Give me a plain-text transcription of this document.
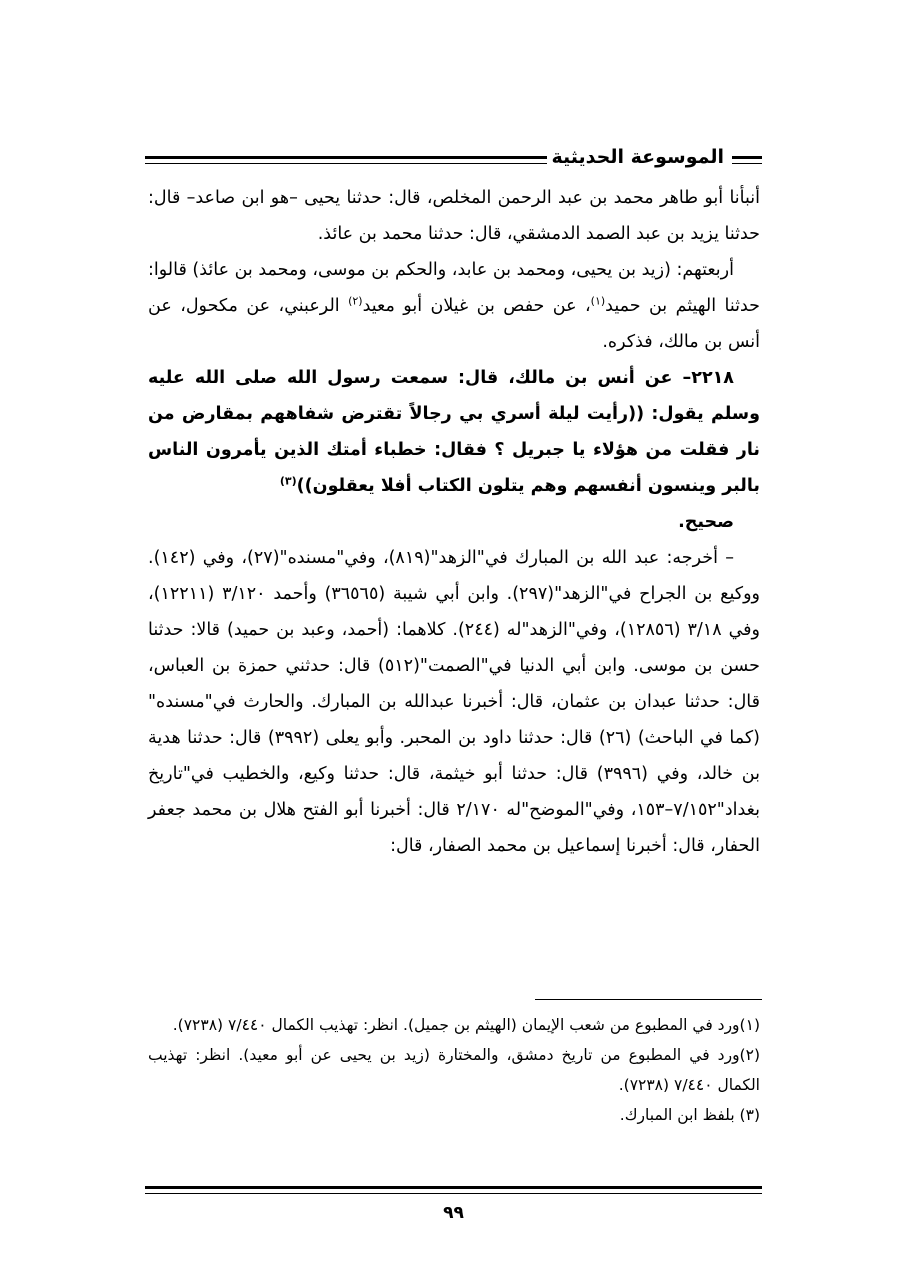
الموسوعة الحديثية

أنبأنا أبو طاهر محمد بن عبد الرحمن المخلص، قال: حدثنا يحيى –هو ابن صاعد– قال: حدثنا يزيد بن عبد الصمد الدمشقي، قال: حدثنا محمد بن عائذ.

أربعتهم: (زيد بن يحيى، ومحمد بن عابد، والحكم بن موسى، ومحمد بن عائذ) قالوا: حدثنا الهيثم بن حميد$^{(١)}$، عن حفص بن غيلان أبو معيد$^{(٢)}$ الرعبني، عن مكحول، عن أنس بن مالك، فذكره.

٢٢١٨– عن أنس بن مالك، قال: سمعت رسول الله صلى الله عليه وسلم يقول: ((رأيت ليلة أسري بي رجالاً تقترض شفاههم بمقارض من نار فقلت من هؤلاء يا جبريل ؟ فقال: خطباء أمتك الذين يأمرون الناس بالبر وينسون أنفسهم وهم يتلون الكتاب أفلا يعقلون))$^{(٣)}$

صحيح.

– أخرجه: عبد الله بن المبارك في"الزهد"(٨١٩)، وفي"مسنده"(٢٧)، وفي (١٤٢). ووكيع بن الجراح في"الزهد"(٢٩٧). وابن أبي شيبة (٣٦٥٦٥) وأحمد ٣/١٢٠ (١٢٢١١)، وفي ٣/١٨ (١٢٨٥٦)، وفي"الزهد"له (٢٤٤). كلاهما: (أحمد، وعبد بن حميد) قالا: حدثنا حسن بن موسى. وابن أبي الدنيا في"الصمت"(٥١٢) قال: حدثني حمزة بن العباس، قال: حدثنا عبدان بن عثمان، قال: أخبرنا عبدالله بن المبارك. والحارث في"مسنده"(كما في الباحث) (٢٦) قال: حدثنا داود بن المحبر. وأبو يعلى (٣٩٩٢) قال: حدثنا هدية بن خالد، وفي (٣٩٩٦) قال: حدثنا أبو خيثمة، قال: حدثنا وكيع، والخطيب في"تاريخ بغداد"٧/١٥٢–١٥٣، وفي"الموضح"له ٢/١٧٠ قال: أخبرنا أبو الفتح هلال بن محمد جعفر الحفار، قال: أخبرنا إسماعيل بن محمد الصفار، قال:

(١)ورد في المطبوع من شعب الإيمان (الهيثم بن جميل). انظر: تهذيب الكمال ٧/٤٤٠ (٧٢٣٨).

(٢)ورد في المطبوع من تاريخ دمشق، والمختارة (زيد بن يحيى عن أبو معيد). انظر: تهذيب الكمال ٧/٤٤٠ (٧٢٣٨).

(٣) بلفظ ابن المبارك.

٩٩
